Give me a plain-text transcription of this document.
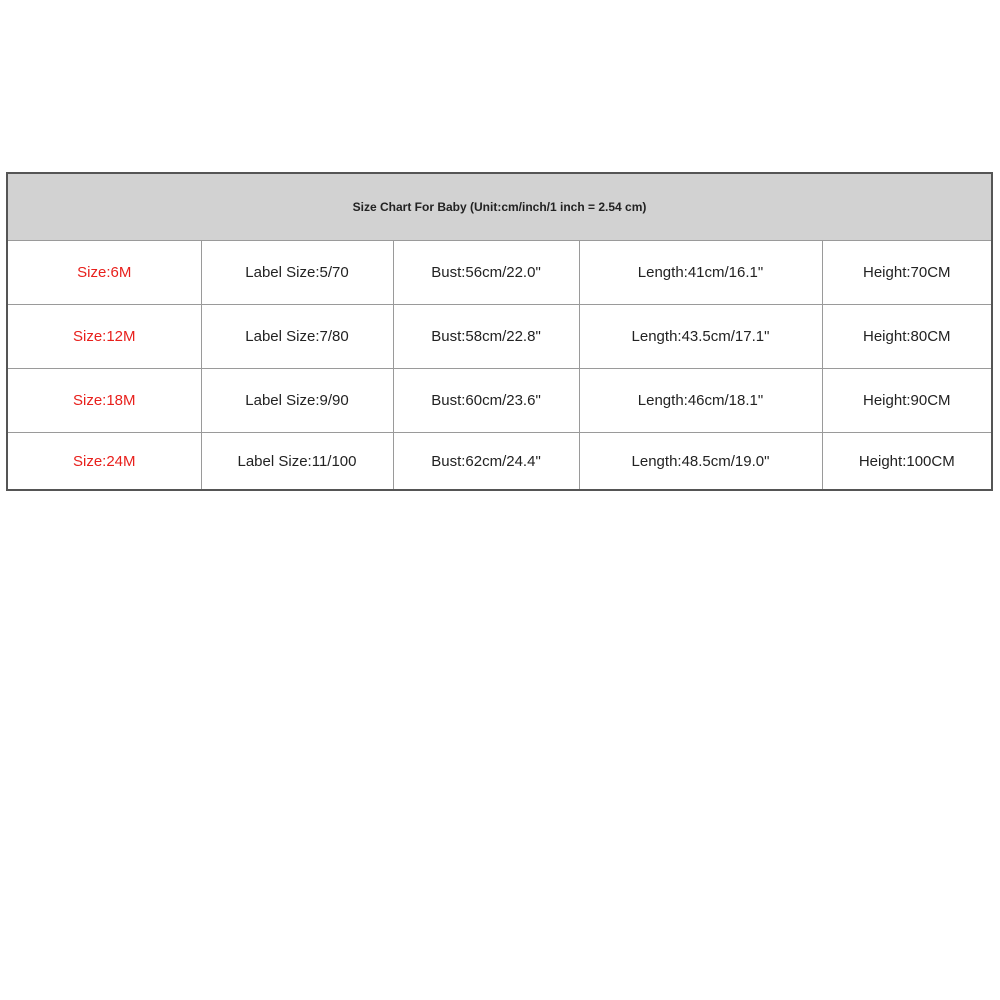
Size Chart For Baby (Unit:cm/inch/1 inch = 2.54 cm)				
Size:6M	Label Size:5/70	Bust:56cm/22.0"	Length:41cm/16.1"	Height:70CM
Size:12M	Label Size:7/80	Bust:58cm/22.8"	Length:43.5cm/17.1"	Height:80CM
Size:18M	Label Size:9/90	Bust:60cm/23.6"	Length:46cm/18.1"	Height:90CM
Size:24M	Label Size:11/100	Bust:62cm/24.4"	Length:48.5cm/19.0"	Height:100CM
